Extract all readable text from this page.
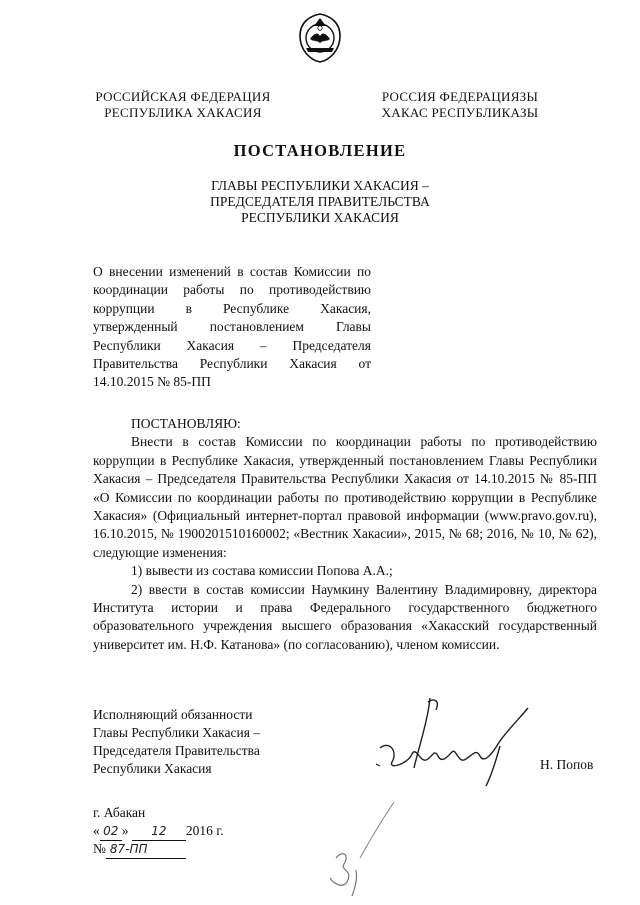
РОССИЙСКАЯ ФЕДЕРАЦИЯ
РЕСПУБЛИКА ХАКАСИЯ
РОССИЯ ФЕДЕРАЦИЯЗЫ
ХАКАС РЕСПУБЛИКАЗЫ
ПОСТАНОВЛЕНИЕ
ГЛАВЫ РЕСПУБЛИКИ ХАКАСИЯ –
ПРЕДСЕДАТЕЛЯ ПРАВИТЕЛЬСТВА
РЕСПУБЛИКИ ХАКАСИЯ
О внесении изменений в состав Комиссии по координации работы по противодействию коррупции в Республике Хакасия, утвержденный постановлением Главы Республики Хакасия – Председателя Правительства Республики Хакасия от 14.10.2015 № 85-ПП

ПОСТАНОВЛЯЮ:

Внести в состав Комиссии по координации работы по противодействию коррупции в Республике Хакасия, утвержденный постановлением Главы Республики Хакасия – Председателя Правительства Республики Хакасия от 14.10.2015 № 85-ПП «О Комиссии по координации работы по противодействию коррупции в Республике Хакасия» (Официальный интернет-портал правовой информации (www.pravo.gov.ru), 16.10.2015, № 1900201510160002; «Вестник Хакасии», 2015, № 68; 2016, № 10, № 62), следующие изменения:

1) вывести из состава комиссии Попова А.А.;

2) ввести в состав комиссии Наумкину Валентину Владимировну, директора Института истории и права Федерального государственного бюджетного образовательного учреждения высшего образования «Хакасский государственный университет им. Н.Ф. Катанова» (по согласованию), членом комиссии.

Исполняющий обязанности
Главы Республики Хакасия –
Председателя Правительства
Республики Хакасия	Н. Попов
г. Абакан
« 02 » 12 2016 г.
№ 87-ПП
